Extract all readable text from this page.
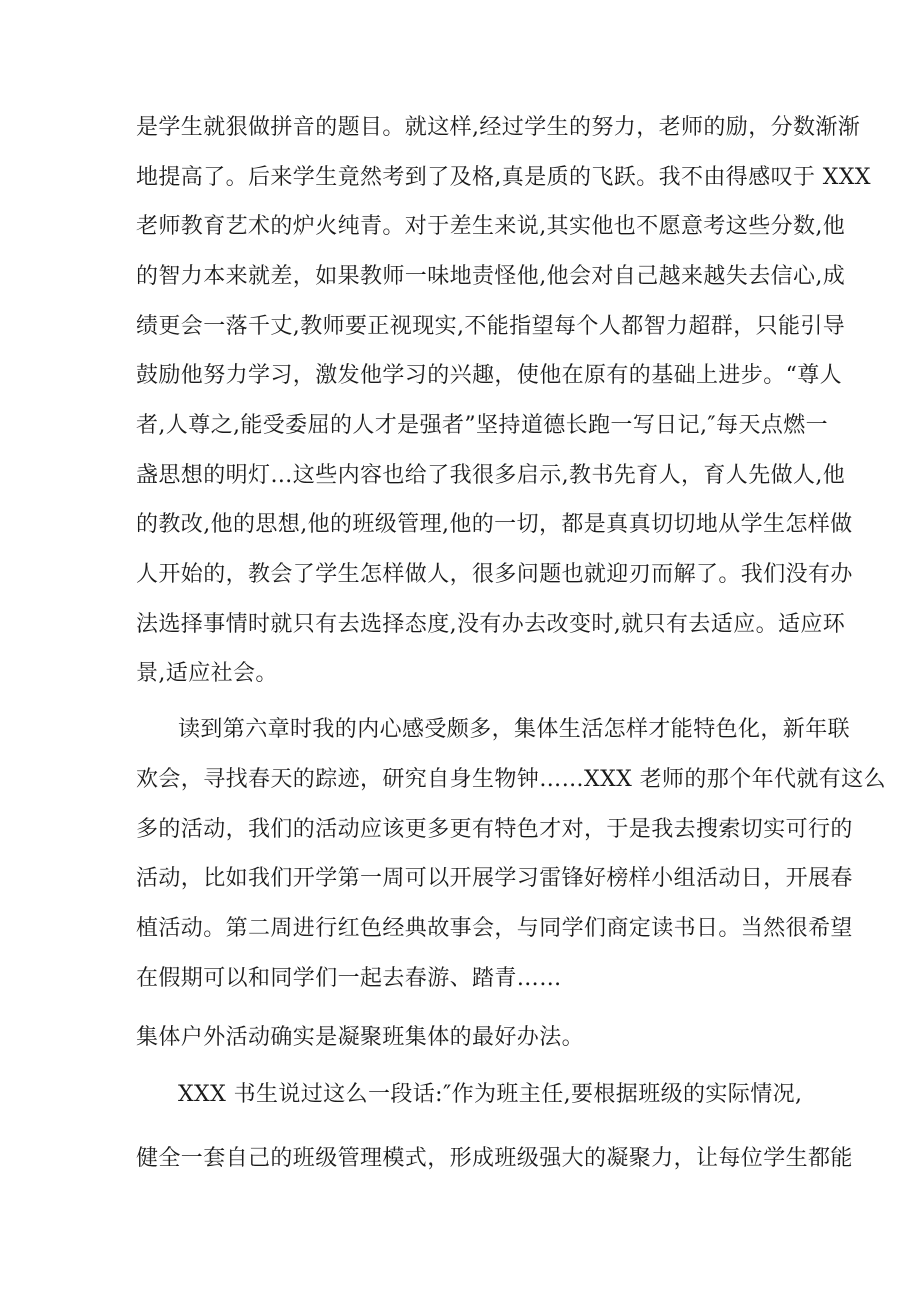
是学生就狠做拼音的题目。就这样,经过学生的努力，老师的励，分数渐渐
地提高了。后来学生竟然考到了及格,真是质的飞跃。我不由得感叹于 XXX
老师教育艺术的炉火纯青。对于差生来说,其实他也不愿意考这些分数,他
的智力本来就差，如果教师一味地责怪他,他会对自己越来越失去信心,成
绩更会一落千丈,教师要正视现实,不能指望每个人都智力超群，只能引导
鼓励他努力学习，激发他学习的兴趣，使他在原有的基础上进步。“尊人
者,人尊之,能受委屈的人才是强者”坚持道德长跑一写日记,″每天点燃一
盏思想的明灯…这些内容也给了我很多启示,教书先育人，育人先做人,他
的教改,他的思想,他的班级管理,他的一切，都是真真切切地从学生怎样做
人开始的，教会了学生怎样做人，很多问题也就迎刃而解了。我们没有办
法选择事情时就只有去选择态度,没有办去改变时,就只有去适应。适应环
景,适应社会。
读到第六章时我的内心感受颇多，集体生活怎样才能特色化，新年联
欢会，寻找春天的踪迹，研究自身生物钟……XXX 老师的那个年代就有这么
多的活动，我们的活动应该更多更有特色才对，于是我去搜索切实可行的
活动，比如我们开学第一周可以开展学习雷锋好榜样小组活动日，开展春
植活动。第二周进行红色经典故事会，与同学们商定读书日。当然很希望
在假期可以和同学们一起去春游、踏青……
集体户外活动确实是凝聚班集体的最好办法。
XXX 书生说过这么一段话:″作为班主任,要根据班级的实际情况,
健全一套自己的班级管理模式，形成班级强大的凝聚力，让每位学生都能
